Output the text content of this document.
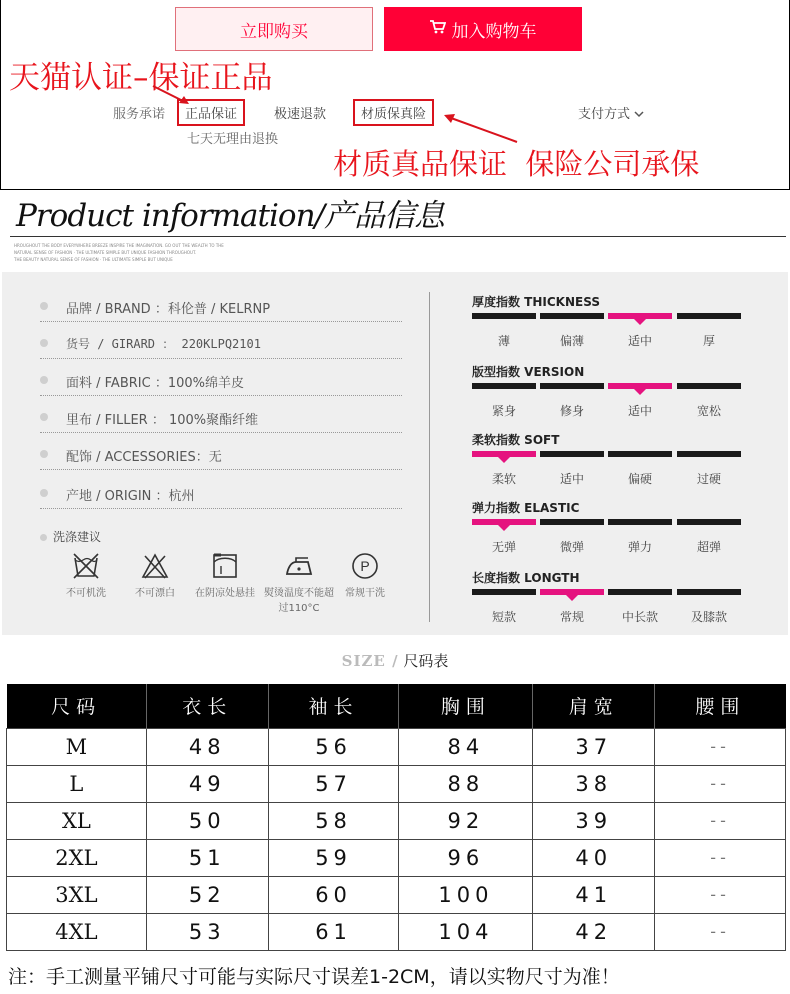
立即购买	加入购物车
天猫认证–保证正品
服务承诺	正品保证	极速退款	材质保真险
七天无理由退换
支付方式
材质真品保证  保险公司承保
Product information/产品信息
HROUGHOUT THE BODY EVERYWHERE BREEZE INSPIRE THE IMAGINATION. GO OUT THE WEALTH TO THE
NATURAL SENSE OF FASHION · THE ULTIMATE SIMPLE BUT UNIQUE FASHION THROUGHOUT.
THE BEAUTY NATURAL SENSE OF FASHION · THE ULTIMATE SIMPLE BUT UNIQUE
品牌 / BRAND ：科伦普 / KELRNP
货号 / GIRARD ： 220KLPQ2101
面料 / FABRIC ：100%绵羊皮
里布 / FILLER ： 100%聚酯纤维
配饰 / ACCESSORIES：无
产地 / ORIGIN ：杭州
洗涤建议
不可机洗	不可漂白	在阴凉处悬挂 熨烫温度不能超过110°C
P
常规干洗
厚度指数 THICKNESS
薄	偏薄	适中	厚
版型指数 VERSION
紧身	修身	适中	宽松
柔软指数 SOFT
柔软	适中	偏硬	过硬
弹力指数 ELASTIC
无弹	微弹	弹力	超弹
长度指数 LONGTH
短款	常规	中长款	及膝款
SIZE / 尺码表
尺码	衣长	袖长	胸围	肩宽	腰围
M	48	56	84	37	--
L	49	57	88	38	--
XL	50	58	92	39	--
2XL	51	59	96	40	--
3XL	52	60	100	41	--
4XL	53	61	104	42	--
注：手工测量平铺尺寸可能与实际尺寸误差1-2CM，请以实物尺寸为准！
